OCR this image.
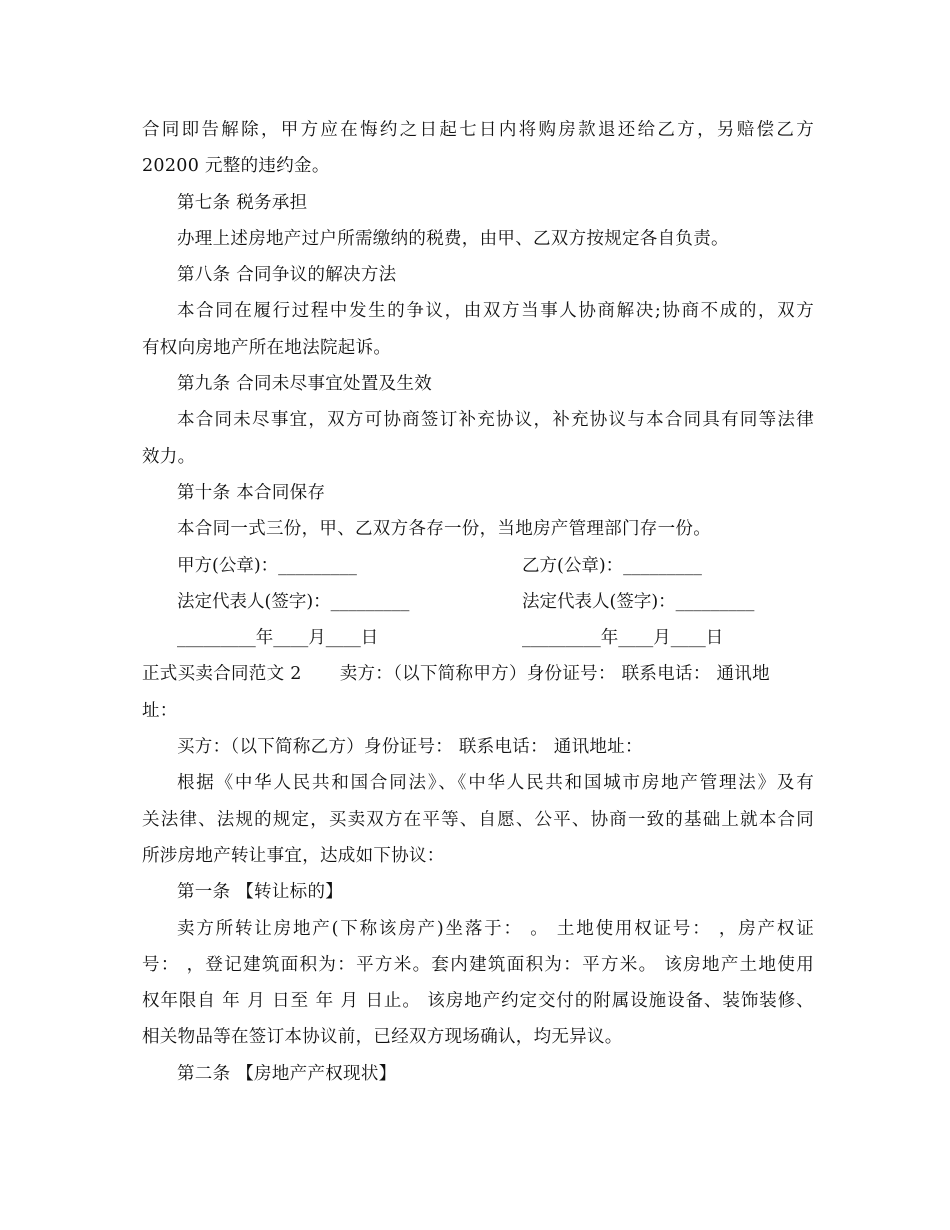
合同即告解除，甲方应在悔约之日起七日内将购房款退还给乙方，另赔偿乙方
20200 元整的违约金。
第七条 税务承担
办理上述房地产过户所需缴纳的税费，由甲、乙双方按规定各自负责。
第八条 合同争议的解决方法
本合同在履行过程中发生的争议，由双方当事人协商解决;协商不成的，双方
有权向房地产所在地法院起诉。
第九条 合同未尽事宜处置及生效
本合同未尽事宜，双方可协商签订补充协议，补充协议与本合同具有同等法律
效力。
第十条 本合同保存
本合同一式三份，甲、乙双方各存一份，当地房产管理部门存一份。
甲方(公章)：_________	乙方(公章)：_________
法定代表人(签字)：_________	法定代表人(签字)：_________
_________年____月____日	_________年____月____日
正式买卖合同范文 2 卖方：（以下简称甲方）身份证号： 联系电话： 通讯地
址：
买方：（以下简称乙方）身份证号： 联系电话： 通讯地址：
根据《中华人民共和国合同法》、《中华人民共和国城市房地产管理法》及有
关法律、法规的规定，买卖双方在平等、自愿、公平、协商一致的基础上就本合同
所涉房地产转让事宜，达成如下协议：
第一条 【转让标的】
卖方所转让房地产(下称该房产)坐落于： 。 土地使用权证号： ，房产权证
号： ，登记建筑面积为：平方米。套内建筑面积为：平方米。 该房地产土地使用
权年限自 年 月 日至 年 月 日止。 该房地产约定交付的附属设施设备、装饰装修、
相关物品等在签订本协议前，已经双方现场确认，均无异议。
第二条 【房地产产权现状】
